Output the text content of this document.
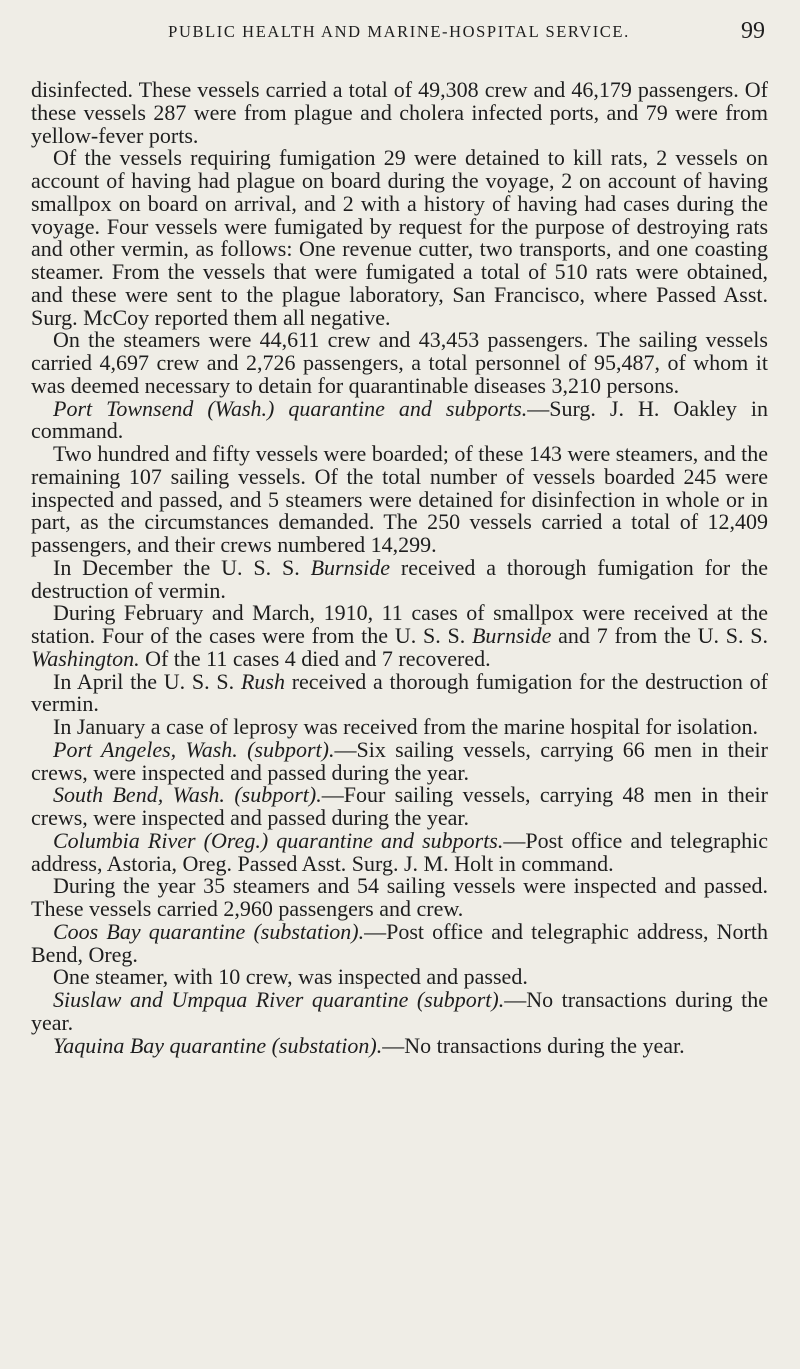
PUBLIC HEALTH AND MARINE-HOSPITAL SERVICE.	99

disinfected. These vessels carried a total of 49,308 crew and 46,179 passengers. Of these vessels 287 were from plague and cholera infected ports, and 79 were from yellow-fever ports.

Of the vessels requiring fumigation 29 were detained to kill rats, 2 vessels on account of having had plague on board during the voyage, 2 on account of having smallpox on board on arrival, and 2 with a history of having had cases during the voyage. Four vessels were fumigated by request for the purpose of destroying rats and other vermin, as follows: One revenue cutter, two transports, and one coasting steamer. From the vessels that were fumigated a total of 510 rats were obtained, and these were sent to the plague laboratory, San Francisco, where Passed Asst. Surg. McCoy reported them all negative.

On the steamers were 44,611 crew and 43,453 passengers. The sailing vessels carried 4,697 crew and 2,726 passengers, a total personnel of 95,487, of whom it was deemed necessary to detain for quarantinable diseases 3,210 persons.

Port Townsend (Wash.) quarantine and subports.—Surg. J. H. Oakley in command.

Two hundred and fifty vessels were boarded; of these 143 were steamers, and the remaining 107 sailing vessels. Of the total number of vessels boarded 245 were inspected and passed, and 5 steamers were detained for disinfection in whole or in part, as the circumstances demanded. The 250 vessels carried a total of 12,409 passengers, and their crews numbered 14,299.

In December the U. S. S. Burnside received a thorough fumigation for the destruction of vermin.

During February and March, 1910, 11 cases of smallpox were received at the station. Four of the cases were from the U. S. S. Burnside and 7 from the U. S. S. Washington. Of the 11 cases 4 died and 7 recovered.

In April the U. S. S. Rush received a thorough fumigation for the destruction of vermin.

In January a case of leprosy was received from the marine hospital for isolation.

Port Angeles, Wash. (subport).—Six sailing vessels, carrying 66 men in their crews, were inspected and passed during the year.

South Bend, Wash. (subport).—Four sailing vessels, carrying 48 men in their crews, were inspected and passed during the year.

Columbia River (Oreg.) quarantine and subports.—Post office and telegraphic address, Astoria, Oreg. Passed Asst. Surg. J. M. Holt in command.

During the year 35 steamers and 54 sailing vessels were inspected and passed. These vessels carried 2,960 passengers and crew.

Coos Bay quarantine (substation).—Post office and telegraphic address, North Bend, Oreg.

One steamer, with 10 crew, was inspected and passed.

Siuslaw and Umpqua River quarantine (subport).—No transactions during the year.

Yaquina Bay quarantine (substation).—No transactions during the year.
